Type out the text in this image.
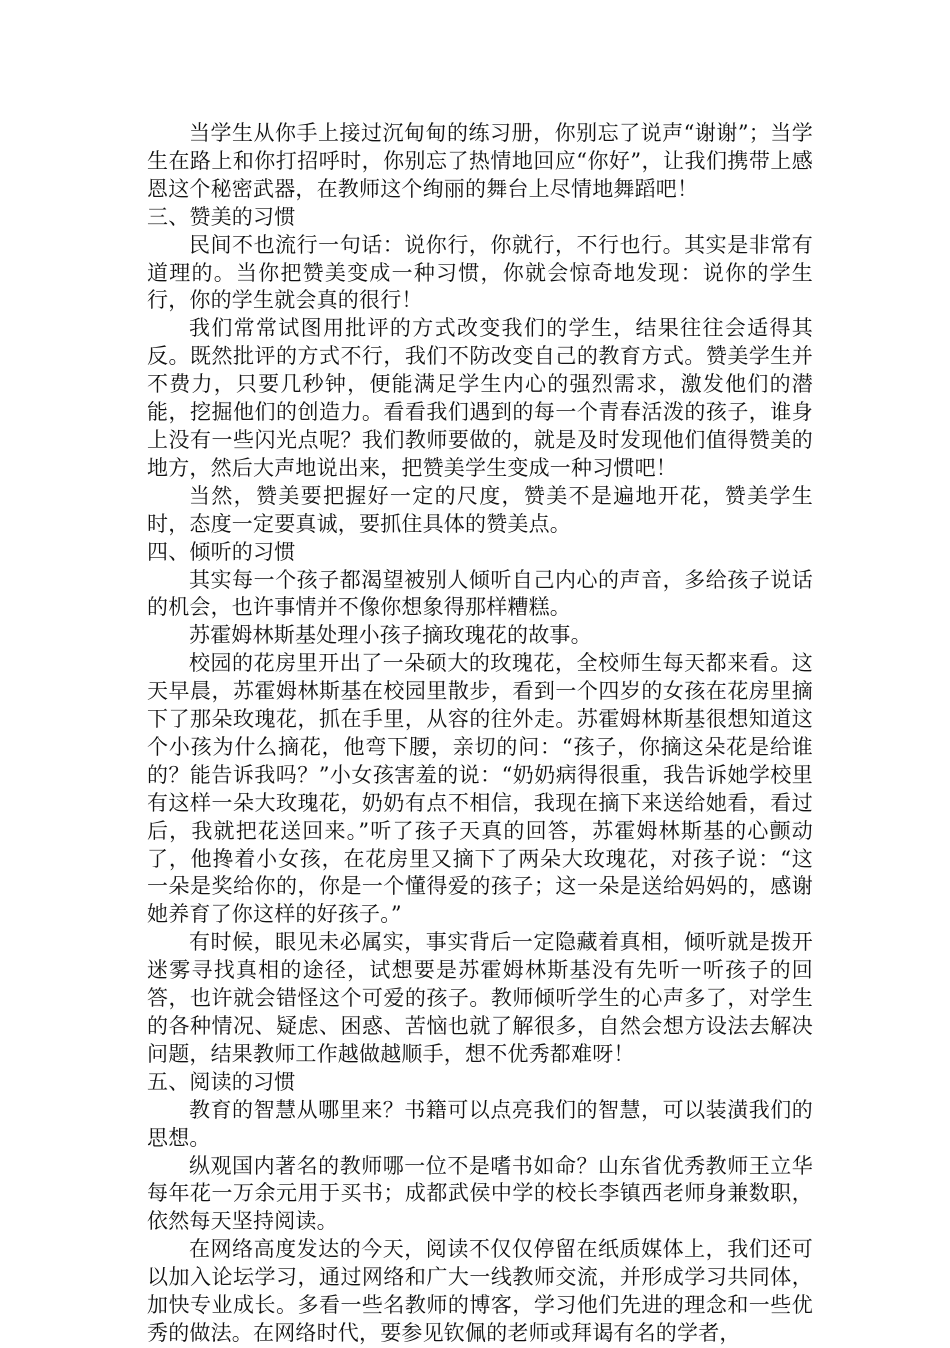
当学生从你手上接过沉甸甸的练习册，你别忘了说声“谢谢”；当学生在路上和你打招呼时，你别忘了热情地回应“你好”，让我们携带上感恩这个秘密武器，在教师这个绚丽的舞台上尽情地舞蹈吧！

三、赞美的习惯

民间不也流行一句话：说你行，你就行，不行也行。其实是非常有道理的。当你把赞美变成一种习惯，你就会惊奇地发现：说你的学生行，你的学生就会真的很行！

我们常常试图用批评的方式改变我们的学生，结果往往会适得其反。既然批评的方式不行，我们不防改变自己的教育方式。赞美学生并不费力，只要几秒钟，便能满足学生内心的强烈需求，激发他们的潜能，挖掘他们的创造力。看看我们遇到的每一个青春活泼的孩子，谁身上没有一些闪光点呢？我们教师要做的，就是及时发现他们值得赞美的地方，然后大声地说出来，把赞美学生变成一种习惯吧！

当然，赞美要把握好一定的尺度，赞美不是遍地开花，赞美学生时，态度一定要真诚，要抓住具体的赞美点。

四、倾听的习惯

其实每一个孩子都渴望被别人倾听自己内心的声音，多给孩子说话的机会，也许事情并不像你想象得那样糟糕。

苏霍姆林斯基处理小孩子摘玫瑰花的故事。

校园的花房里开出了一朵硕大的玫瑰花，全校师生每天都来看。这天早晨，苏霍姆林斯基在校园里散步，看到一个四岁的女孩在花房里摘下了那朵玫瑰花，抓在手里，从容的往外走。苏霍姆林斯基很想知道这个小孩为什么摘花，他弯下腰，亲切的问：“孩子，你摘这朵花是给谁的？能告诉我吗？”小女孩害羞的说：“奶奶病得很重，我告诉她学校里有这样一朵大玫瑰花，奶奶有点不相信，我现在摘下来送给她看，看过后，我就把花送回来。”听了孩子天真的回答，苏霍姆林斯基的心颤动了，他搀着小女孩，在花房里又摘下了两朵大玫瑰花，对孩子说：“这一朵是奖给你的，你是一个懂得爱的孩子；这一朵是送给妈妈的，感谢她养育了你这样的好孩子。”

有时候，眼见未必属实，事实背后一定隐藏着真相，倾听就是拨开迷雾寻找真相的途径，试想要是苏霍姆林斯基没有先听一听孩子的回答，也许就会错怪这个可爱的孩子。教师倾听学生的心声多了，对学生的各种情况、疑虑、困惑、苦恼也就了解很多，自然会想方设法去解决问题，结果教师工作越做越顺手，想不优秀都难呀！

五、阅读的习惯

教育的智慧从哪里来？书籍可以点亮我们的智慧，可以装潢我们的思想。

纵观国内著名的教师哪一位不是嗜书如命？山东省优秀教师王立华每年花一万余元用于买书；成都武侯中学的校长李镇西老师身兼数职，依然每天坚持阅读。

在网络高度发达的今天，阅读不仅仅停留在纸质媒体上，我们还可以加入论坛学习，通过网络和广大一线教师交流，并形成学习共同体，加快专业成长。多看一些名教师的博客，学习他们先进的理念和一些优秀的做法。在网络时代，要参见钦佩的老师或拜谒有名的学者，
